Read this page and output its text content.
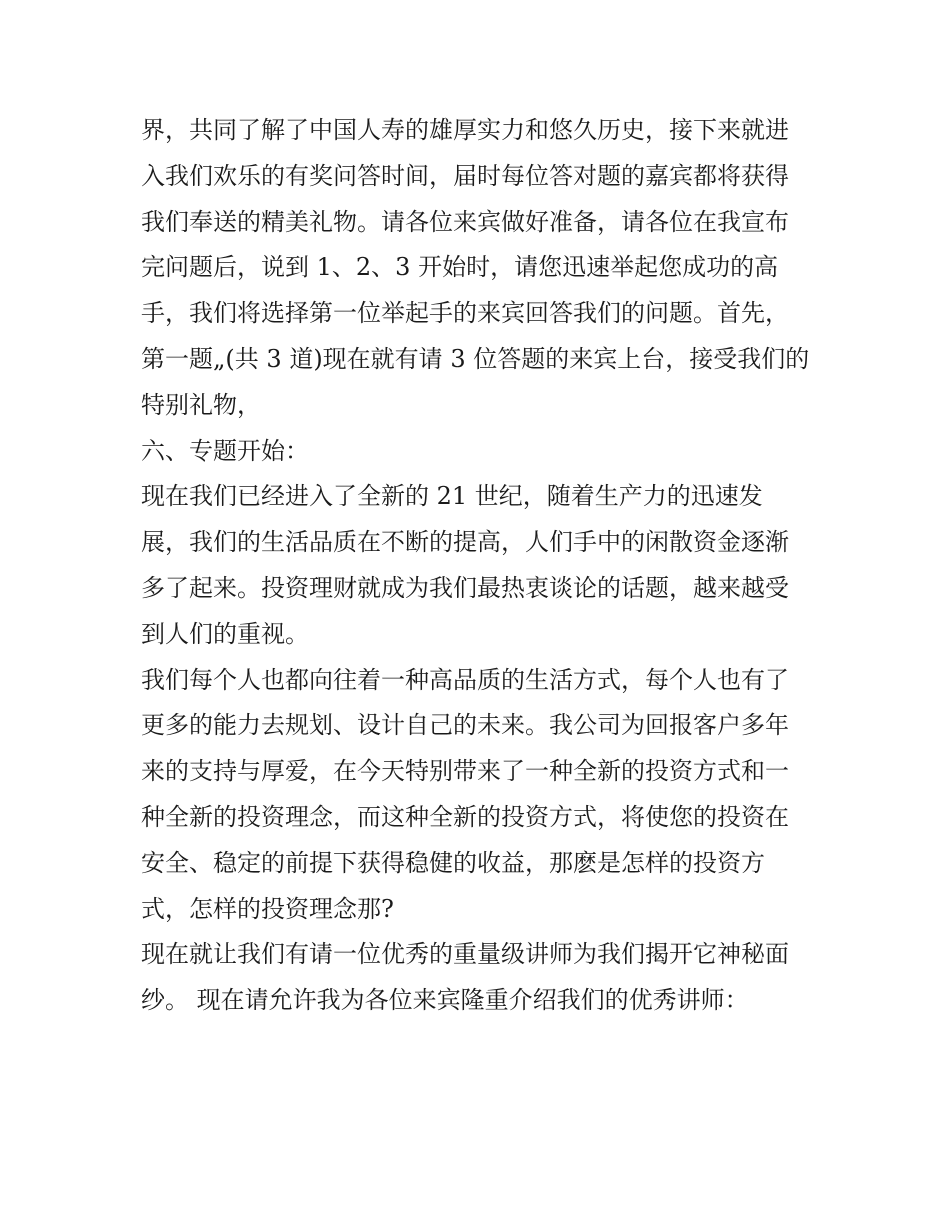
界，共同了解了中国人寿的雄厚实力和悠久历史，接下来就进
入我们欢乐的有奖问答时间，届时每位答对题的嘉宾都将获得
我们奉送的精美礼物。请各位来宾做好准备，请各位在我宣布
完问题后，说到 1、2、3 开始时，请您迅速举起您成功的高
手，我们将选择第一位举起手的来宾回答我们的问题。首先，
第一题„(共 3 道)现在就有请 3 位答题的来宾上台，接受我们的
特别礼物，
六、专题开始：
现在我们已经进入了全新的 21 世纪，随着生产力的迅速发
展，我们的生活品质在不断的提高，人们手中的闲散资金逐渐
多了起来。投资理财就成为我们最热衷谈论的话题，越来越受
到人们的重视。
我们每个人也都向往着一种高品质的生活方式，每个人也有了
更多的能力去规划、设计自己的未来。我公司为回报客户多年
来的支持与厚爱，在今天特别带来了一种全新的投资方式和一
种全新的投资理念，而这种全新的投资方式，将使您的投资在
安全、稳定的前提下获得稳健的收益，那麽是怎样的投资方
式，怎样的投资理念那?
现在就让我们有请一位优秀的重量级讲师为我们揭开它神秘面
纱。 现在请允许我为各位来宾隆重介绍我们的优秀讲师：
